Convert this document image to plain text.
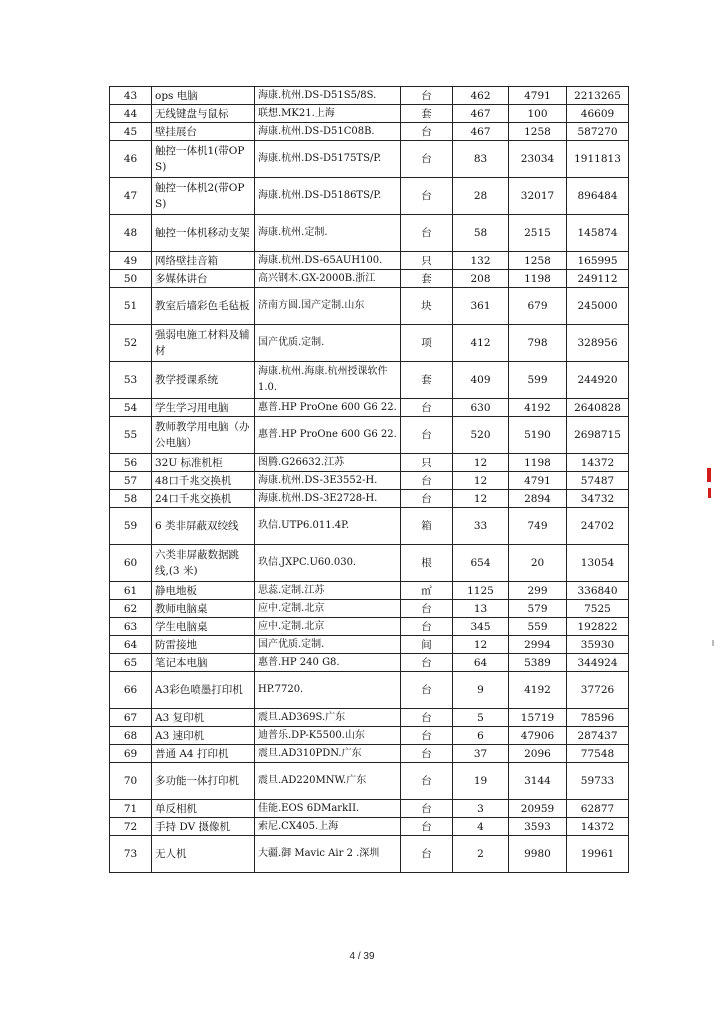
43	ops 电脑	海康.杭州.DS-D51S5/8S.	台	462	4791	2213265
44	无线键盘与鼠标	联想.MK21.上海	套	467	100	46609
45	壁挂展台	海康.杭州.DS-D51C08B.	台	467	1258	587270
46	触控一体机1(带OPS)	海康.杭州.DS-D5175TS/P.	台	83	23034	1911813
47	触控一体机2(带OPS)	海康.杭州.DS-D5186TS/P.	台	28	32017	896484
48	触控一体机移动支架	海康.杭州.定制.	台	58	2515	145874
49	网络壁挂音箱	海康.杭州.DS-65AUH100.	只	132	1258	165995
50	多媒体讲台	高兴钢木.GX-2000B.浙江	套	208	1198	249112
51	教室后墙彩色毛毡板	济南方圆.国产定制.山东	块	361	679	245000
52	强弱电施工材料及辅材	国产优质.定制.	项	412	798	328956
53	教学授课系统	海康.杭州.海康.杭州授课软件 1.0.	套	409	599	244920
54	学生学习用电脑	惠普.HP ProOne 600 G6 22.	台	630	4192	2640828
55	教师教学用电脑（办公电脑）	惠普.HP ProOne 600 G6 22.	台	520	5190	2698715
56	32U 标准机柜	图腾.G26632.江苏	只	12	1198	14372
57	48口千兆交换机	海康.杭州.DS-3E3552-H.	台	12	4791	57487
58	24口千兆交换机	海康.杭州.DS-3E2728-H.	台	12	2894	34732
59	6 类非屏蔽双绞线	玖信.UTP6.011.4P.	箱	33	749	24702
60	六类非屏蔽数据跳线,(3 米)	玖信.JXPC.U60.030.	根	654	20	13054
61	静电地板	思蕊.定制.江苏	㎡	1125	299	336840
62	教师电脑桌	应中.定制.北京	台	13	579	7525
63	学生电脑桌	应中.定制.北京	台	345	559	192822
64	防雷接地	国产优质.定制.	间	12	2994	35930
65	笔记本电脑	惠普.HP 240 G8.	台	64	5389	344924
66	A3彩色喷墨打印机	HP.7720.	台	9	4192	37726
67	A3 复印机	震旦.AD369S.广东	台	5	15719	78596
68	A3 速印机	迪普乐.DP-K5500.山东	台	6	47906	287437
69	普通 A4 打印机	震旦.AD310PDN.广东	台	37	2096	77548
70	多功能一体打印机	震旦.AD220MNW.广东	台	19	3144	59733
71	单反相机	佳能.EOS 6DMarkII.	台	3	20959	62877
72	手持 DV 摄像机	索尼.CX405.上海	台	4	3593	14372
73	无人机	大疆.御 Mavic Air 2 .深圳	台	2	9980	19961
4 / 39
